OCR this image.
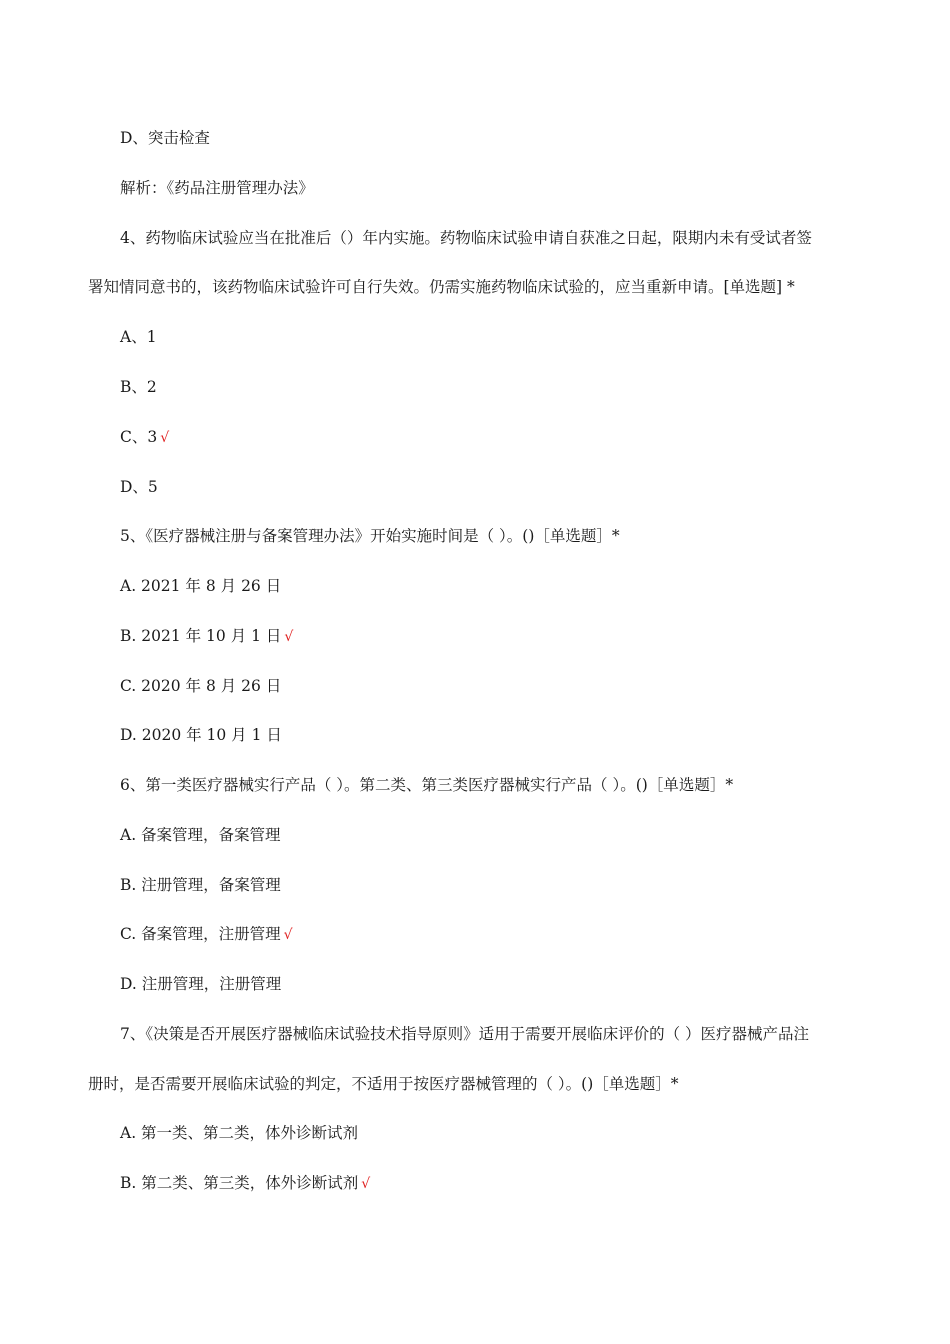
D、突击检查
解析：《药品注册管理办法》
4、药物临床试验应当在批准后（）年内实施。药物临床试验申请自获准之日起，限期内未有受试者签
署知情同意书的，该药物临床试验许可自行失效。仍需实施药物临床试验的，应当重新申请。[单选题] *
A、1
B、2
C、3 √
D、5
5、《医疗器械注册与备案管理办法》开始实施时间是（ ）。()［单选题］*
A. 2021 年 8 月 26 日
B. 2021 年 10 月 1 日 √
C. 2020 年 8 月 26 日
D. 2020 年 10 月 1 日
6、第一类医疗器械实行产品（ ）。第二类、第三类医疗器械实行产品（ ）。()［单选题］*
A. 备案管理，备案管理
B. 注册管理，备案管理
C. 备案管理，注册管理 √
D. 注册管理，注册管理
7、《决策是否开展医疗器械临床试验技术指导原则》适用于需要开展临床评价的（ ）医疗器械产品注
册时，是否需要开展临床试验的判定，不适用于按医疗器械管理的（ ）。()［单选题］*
A. 第一类、第二类，体外诊断试剂
B. 第二类、第三类，体外诊断试剂 √
